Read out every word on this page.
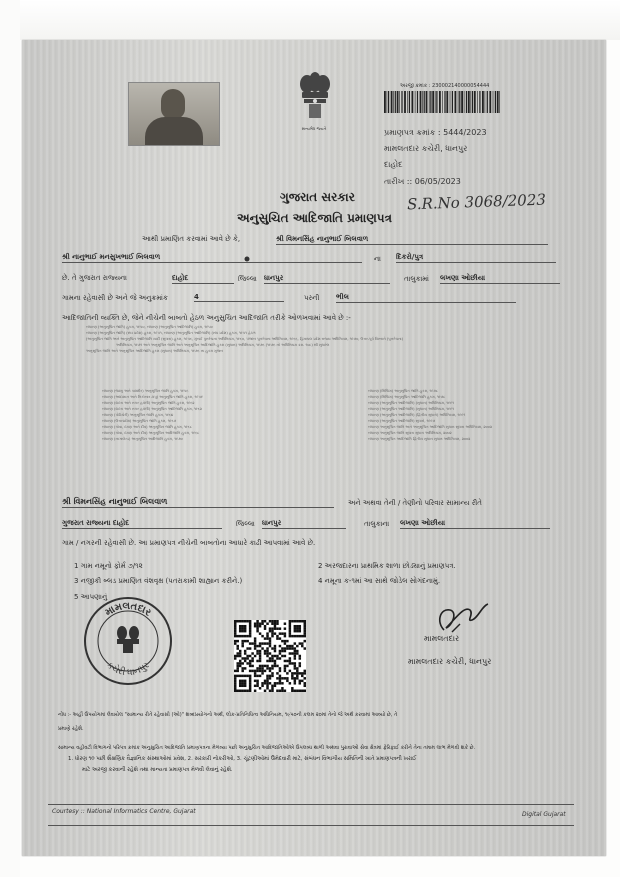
સત્યમેવ જયતે
અરજી ક્રમાંક : 230002140000054444
પ્રમાણપત્ર ક્રમાંક : 5444/2023
મામલતદાર કચેરી, ધાનપુર
દાહોદ
તારીખ :: 06/05/2023
S.R.No 3068/2023
ગુજરાત સરકાર
અનુસુચિત આદિજાતિ પ્રમાણપત્ર
આથી પ્રમાણિત કરવામાં આવે છે કે,	શ્રી વિમનસિંહ નાનુભાઈ બિલવાળ
શ્રી નાનુભાઈ મનસુખભાઈ બિલવાળ	ના દિકરો/પુત્ર
છે. તે ગુજરાત રાજ્યના	દાહોદ	જિલ્લા ધાનપુર	તાલુકામાં લખણા ઓછીયા
ગામના રહેવાસી છે અને જે અનુક્રમાંક	4	પરની ભીલ
આદિજાતિની વ્યક્તિ છે, જેને નીચેની બાબતો હેઠળ અનુસુચિત આદિજાતિ તરીકે ઓળખવામાં આવે છે :-
બંધારણ (અનુસૂચિત જાતિ) હુકમ, ૧૯૫૦, બંધારણ (અનુસૂચિત આદિજાતિ) હુકમ, ૧૯૫૦
બંધારણ (અનુસૂચિત જાતિ) (સંઘ પ્રદેશ) હુકમ, ૧૯૫૧, બંધારણ (અનુસૂચિત આદિજાતિ) (સંઘ પ્રદેશ) હુકમ, ૧૯૫૧ હેઠળ
(અનુસૂચિત જાતિ અને અનુસૂચિત આદિજાતિ યાદી (સુધારા) હુકમ, ૧૯૫૬, મુંબઈ પુનર્રચના અધિનિયમ, ૧૯૬૦, પંજાબ પુનર્રચના અધિનિયમ, ૧૯૬૬, હિમાચલ પ્રદેશ રાજ્ય અધિનિયમ, ૧૯૭૦, ઉત્તર-પૂર્વ વિસ્તારો (પુનર્રચના)
અધિનિયમ, ૧૯૭૧ અને અનુસૂચિત જાતિ અને અનુસૂચિત આદિજાતિ હુકમ (સુધારા) અધિનિયમ, ૧૯૭૬ (૧૯૭૬ નો અધિનિયમ ક્રમ. ૧૦૮) થી સુધારેલ
અનુસૂચિત જાતિ અને અનુસૂચિત આદિજાતિ હુકમ (સુધારા) અધિનિયમ, ૧૯૭૬ ના હુકમ મુજબ
બંધારણ (જમ્મુ અને કાશ્મીર) અનુસૂચિત જાતિ હુકમ, ૧૯૫૬
બંધારણ (આંદામાન અને નિકોબાર ટાપુ) અનુસૂચિત જાતિ હુકમ, ૧૯૫૯
બંધારણ (દાદરા અને નગર હવેલી) અનુસૂચિત જાતિ હુકમ, ૧૯૬૨
બંધારણ (દાદરા અને નગર હવેલી) અનુસૂચિત આદિજાતિ હુકમ, ૧૯૬૨
બંધારણ (પોંડિચેરી) અનુસૂચિત જાતિ હુકમ, ૧૯૬૪
બંધારણ (ઉત્તરપ્રદેશ) અનુસૂચિત જાતિ હુકમ, ૧૯૬૭
બંધારણ (ગોવા, દમણ અને દીવ) અનુસૂચિત જાતિ હુકમ, ૧૯૬૮
બંધારણ (ગોવા, દમણ અને દીવ) અનુસૂચિત આદિજાતિ હુકમ, ૧૯૬૮
બંધારણ (નાગાલેન્ડ) અનુસૂચિત આદિજાતિ હુકમ, ૧૯૭૦
બંધારણ (સિક્કિમ) અનુસૂચિત જાતિ હુકમ, ૧૯૭૮
બંધારણ (સિક્કિમ) અનુસૂચિત આદિજાતિ હુકમ, ૧૯૭૮
બંધારણ (અનુસૂચિત આદિજાતિ) (સુધારા) અધિનિયમ, ૧૯૯૧
બંધારણ (અનુસૂચિત આદિજાતિ) (સુધારા) અધિનિયમ, ૧૯૯૧
બંધારણ (અનુસૂચિત આદિજાતિ) (દ્વિતીય સુધારો) અધિનિયમ, ૧૯૯૧
બંધારણ (અનુસૂચિત આદિજાતિ) સુધારો, ૧૯૯૭
બંધારણ અનુસૂચિત જાતિ અને અનુસૂચિત આદિજાતિ સુધારા સુધારા અધિનિયમ, ૨૦૦૨
બંધારણ અનુસૂચિત જાતિ સુધારા સુધારા અધિનિયમ, ૨૦૦૨
બંધારણ અનુસૂચિત આદિજાતિ દ્વિતીય સુધારા સુધારા અધિનિયમ, ૨૦૦૨
શ્રી વિમનસિંહ નાનુભાઈ બિલવાળ	અને અથવા તેની / તેણીનો પરિવાર સામાન્ય રીતે
ગુજરાત રાજ્યના દાહોદ	જિલ્લા ધાનપુર	તાલુકાના લખણા ઓછીયા
ગામ / નગરની રહેવાસી છે. આ પ્રમાણપત્ર નીચેની બાબતોના આધારે કાઢી આપવામાં આવે છે.
1 ગામ નમૂનો ફોર્મ ૭/૧૨	2 અરજદારના પ્રાથમિક શાળા છોડ્યાનું પ્રમાણપત્ર.
3 નજીકી બ્લડ પ્રમાણિત વંશવૃક્ષ (પતરાકામી શાહ્યાન કરીને.)	4 નમૂના ક-૧માં આ સાથે જોડેલ સોગંદનામું.
5 આપણાનું
મામલતદાર
કચેરી ધાનપુર
મામલતદાર
મામલતદાર કચેરી, ધાનપુર
નોંધ :- અહીં ઉપયોગમાં લેવાયેલ "સામાન્ય રીતે રહેવાસી (ઓ)" શબ્દપ્રયોગનો અર્થ, લોક-પ્રતિનિધિત્વ અધિનિયમ, ૧૯૫૦ની કલમ ૨૦માં તેનો જે અર્થ કરવામાં આવ્યો છે, તે
પ્રમાણે રહેશે.
સામાન્ય વહીવટી વિભાગનો પરિપત્ર ક્રમાંક અનુસુચિત આદિજાતિ પ્રમાણપત્રના મેળવ્યા પછી અનુસુચિત આદિજાતિઓએ ઉપલબ્ધ થાળી અથવા પુરાવાઓ સેવા ક્ષેત્રમાં ફેરિફાઈ કરીને તેના તમામ લાભ મેળવી શકે છે.
1. ધોરણ ૧૦ પછી શૈક્ષણિક વૈજ્ઞાનિક સંસ્થાઓમાં પ્રવેશ, 2. સરકારી નોકરીઓ, 3. ચૂંટણીઓમાં ઉમેદવારી માટે, સંબંધન વિભાગીય સમિતિની ખાતે પ્રમાણપત્રની ખરાઈ
માટે અરજી કરવાની રહેશે તથા માન્યતા પ્રમાણપત્ર મેળવી લેવાનું રહેશે.
Courtesy :: National Informatics Centre, Gujarat	Digital Gujarat
